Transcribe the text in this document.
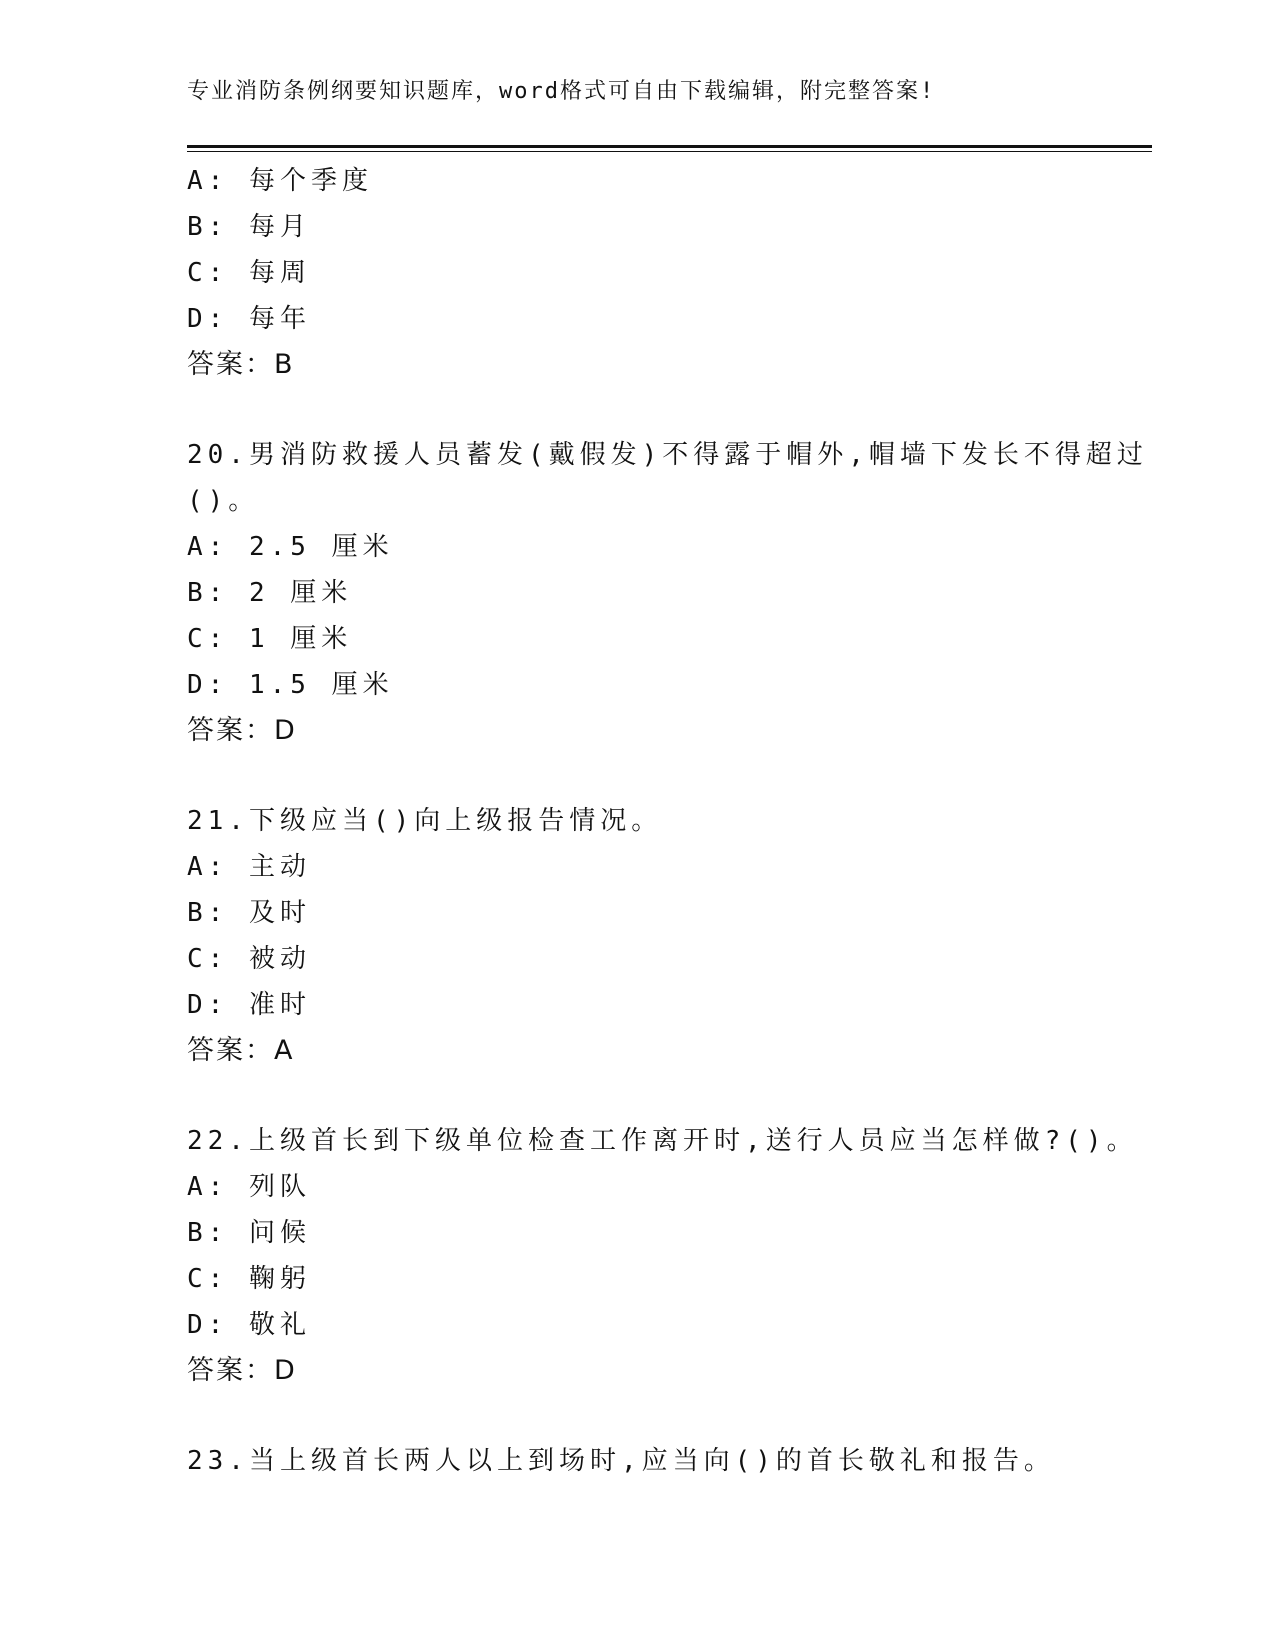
专业消防条例纲要知识题库，word格式可自由下载编辑，附完整答案!
A: 每个季度
B: 每月
C: 每周
D: 每年
答案：B
20.男消防救援人员蓄发(戴假发)不得露于帽外,帽墙下发长不得超过
()。
A: 2.5 厘米
B: 2 厘米
C: 1 厘米
D: 1.5 厘米
答案：D
21.下级应当()向上级报告情况。
A: 主动
B: 及时
C: 被动
D: 准时
答案：A
22.上级首长到下级单位检查工作离开时,送行人员应当怎样做?()。
A: 列队
B: 问候
C: 鞠躬
D: 敬礼
答案：D
23.当上级首长两人以上到场时,应当向()的首长敬礼和报告。
